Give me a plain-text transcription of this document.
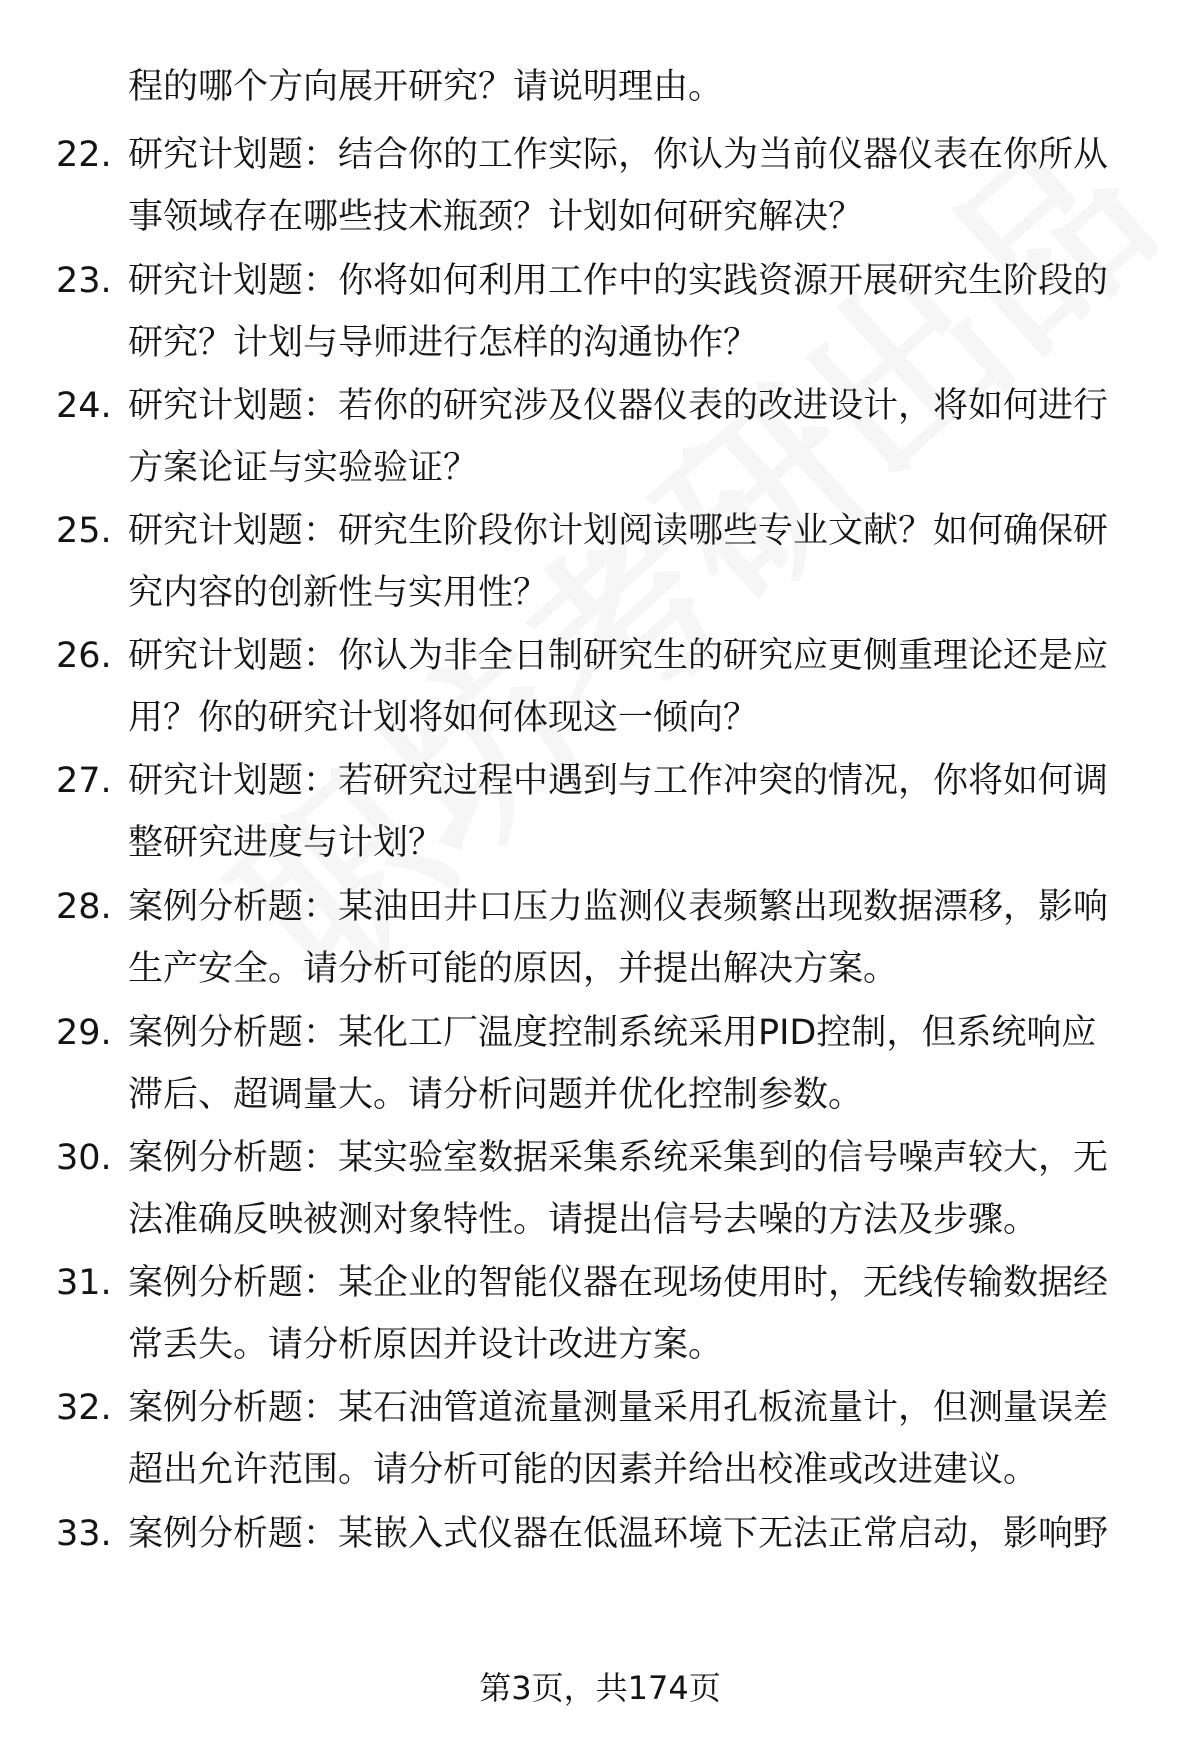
程的哪个方向展开研究？请说明理由。
22. 研究计划题：结合你的工作实际，你认为当前仪器仪表在你所从
事领域存在哪些技术瓶颈？计划如何研究解决？
23. 研究计划题：你将如何利用工作中的实践资源开展研究生阶段的
研究？计划与导师进行怎样的沟通协作？
24. 研究计划题：若你的研究涉及仪器仪表的改进设计，将如何进行
方案论证与实验验证？
25. 研究计划题：研究生阶段你计划阅读哪些专业文献？如何确保研
究内容的创新性与实用性？
26. 研究计划题：你认为非全日制研究生的研究应更侧重理论还是应
用？你的研究计划将如何体现这一倾向？
27. 研究计划题：若研究过程中遇到与工作冲突的情况，你将如何调
整研究进度与计划？
28. 案例分析题：某油田井口压力监测仪表频繁出现数据漂移，影响
生产安全。请分析可能的原因，并提出解决方案。
29. 案例分析题：某化工厂温度控制系统采用PID控制，但系统响应
滞后、超调量大。请分析问题并优化控制参数。
30. 案例分析题：某实验室数据采集系统采集到的信号噪声较大，无
法准确反映被测对象特性。请提出信号去噪的方法及步骤。
31. 案例分析题：某企业的智能仪器在现场使用时，无线传输数据经
常丢失。请分析原因并设计改进方案。
32. 案例分析题：某石油管道流量测量采用孔板流量计，但测量误差
超出允许范围。请分析可能的因素并给出校准或改进建议。
33. 案例分析题：某嵌入式仪器在低温环境下无法正常启动，影响野
第3页，共174页
